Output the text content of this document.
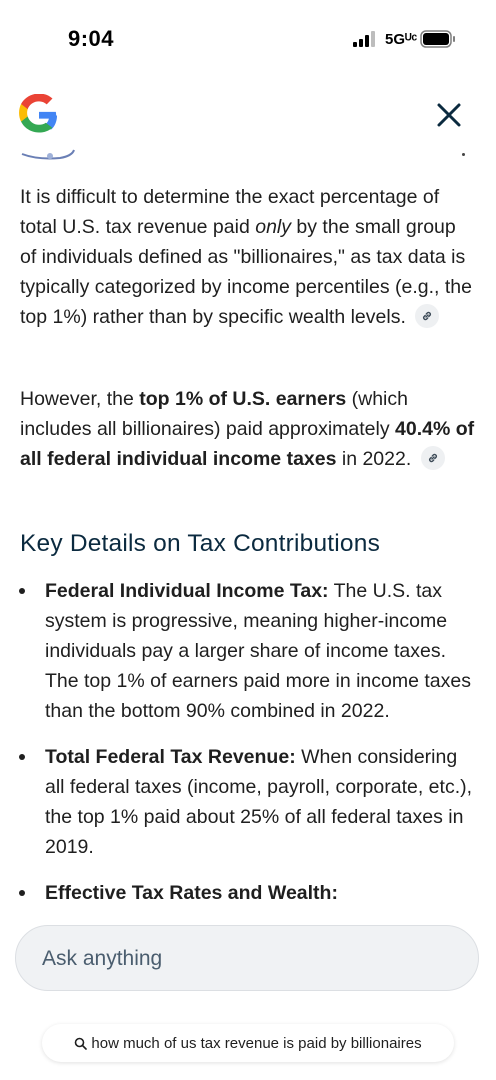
9:04	5Gᵁᶜ

It is difficult to determine the exact percentage of total U.S. tax revenue paid only by the small group of individuals defined as "billionaires," as tax data is typically categorized by income percentiles (e.g., the top 1%) rather than by specific wealth levels.

However, the top 1% of U.S. earners (which includes all billionaires) paid approximately 40.4% of all federal individual income taxes in 2022.
Key Details on Tax Contributions
Federal Individual Income Tax: The U.S. tax system is progressive, meaning higher-income individuals pay a larger share of income taxes. The top 1% of earners paid more in income taxes than the bottom 90% combined in 2022.
Total Federal Tax Revenue: When considering all federal taxes (income, payroll, corporate, etc.), the top 1% paid about 25% of all federal taxes in 2019.
Effective Tax Rates and Wealth:
Ask anything
how much of us tax revenue is paid by billionaires
